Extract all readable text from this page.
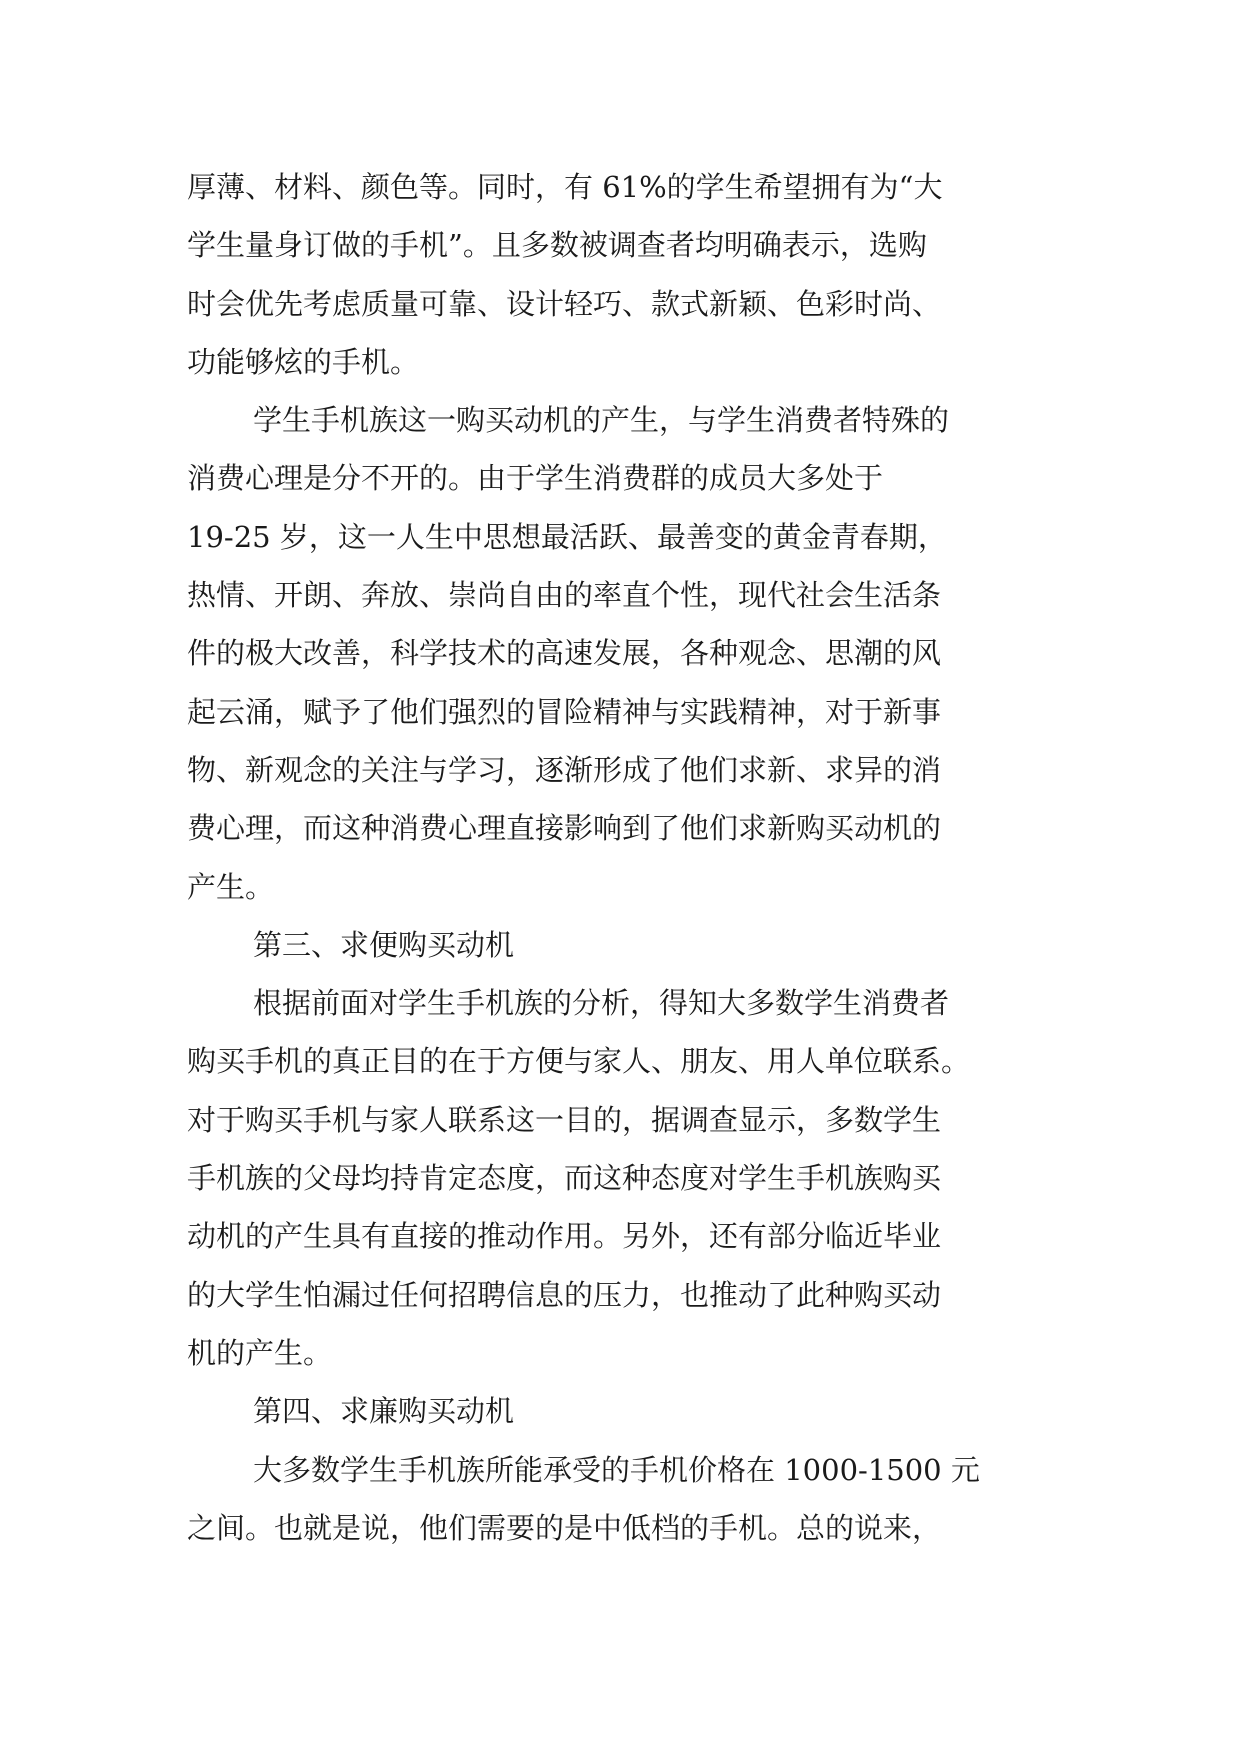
厚薄、材料、颜色等。同时，有 61%的学生希望拥有为“大
学生量身订做的手机”。且多数被调查者均明确表示，选购
时会优先考虑质量可靠、设计轻巧、款式新颖、色彩时尚、
功能够炫的手机。
学生手机族这一购买动机的产生，与学生消费者特殊的
消费心理是分不开的。由于学生消费群的成员大多处于
19-25 岁，这一人生中思想最活跃、最善变的黄金青春期，
热情、开朗、奔放、崇尚自由的率直个性，现代社会生活条
件的极大改善，科学技术的高速发展，各种观念、思潮的风
起云涌，赋予了他们强烈的冒险精神与实践精神，对于新事
物、新观念的关注与学习，逐渐形成了他们求新、求异的消
费心理，而这种消费心理直接影响到了他们求新购买动机的
产生。
第三、求便购买动机
根据前面对学生手机族的分析，得知大多数学生消费者
购买手机的真正目的在于方便与家人、朋友、用人单位联系。
对于购买手机与家人联系这一目的，据调查显示，多数学生
手机族的父母均持肯定态度，而这种态度对学生手机族购买
动机的产生具有直接的推动作用。另外，还有部分临近毕业
的大学生怕漏过任何招聘信息的压力，也推动了此种购买动
机的产生。
第四、求廉购买动机
大多数学生手机族所能承受的手机价格在 1000-1500 元
之间。也就是说，他们需要的是中低档的手机。总的说来，
